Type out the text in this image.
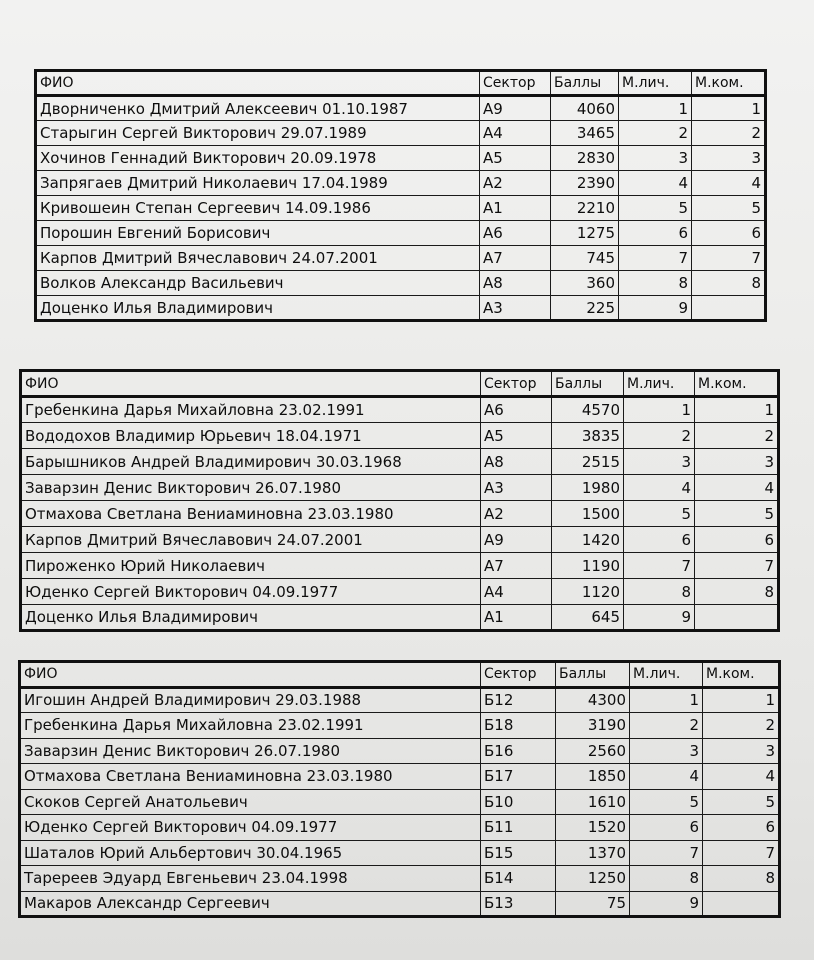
ФИО	Сектор	Баллы	М.лич.	М.ком.
Дворниченко Дмитрий Алексеевич 01.10.1987	А9	4060	1	1
Старыгин Сергей Викторович 29.07.1989	А4	3465	2	2
Хочинов Геннадий Викторович 20.09.1978	А5	2830	3	3
Запрягаев Дмитрий Николаевич 17.04.1989	А2	2390	4	4
Кривошеин Степан Сергеевич 14.09.1986	А1	2210	5	5
Порошин Евгений Борисович	А6	1275	6	6
Карпов Дмитрий Вячеславович 24.07.2001	А7	745	7	7
Волков Александр Васильевич	А8	360	8	8
Доценко Илья Владимирович	А3	225	9	
ФИО	Сектор	Баллы	М.лич.	М.ком.
Гребенкина Дарья Михайловна 23.02.1991	А6	4570	1	1
Вододохов Владимир Юрьевич 18.04.1971	А5	3835	2	2
Барышников Андрей Владимирович 30.03.1968	А8	2515	3	3
Заварзин Денис Викторович 26.07.1980	А3	1980	4	4
Отмахова Светлана Вениаминовна 23.03.1980	А2	1500	5	5
Карпов Дмитрий Вячеславович 24.07.2001	А9	1420	6	6
Пироженко Юрий Николаевич	А7	1190	7	7
Юденко Сергей Викторович 04.09.1977	А4	1120	8	8
Доценко Илья Владимирович	А1	645	9	
ФИО	Сектор	Баллы	М.лич.	М.ком.
Игошин Андрей Владимирович 29.03.1988	Б12	4300	1	1
Гребенкина Дарья Михайловна 23.02.1991	Б18	3190	2	2
Заварзин Денис Викторович 26.07.1980	Б16	2560	3	3
Отмахова Светлана Вениаминовна 23.03.1980	Б17	1850	4	4
Скоков Сергей Анатольевич	Б10	1610	5	5
Юденко Сергей Викторович 04.09.1977	Б11	1520	6	6
Шаталов Юрий Альбертович 30.04.1965	Б15	1370	7	7
Таререев Эдуард Евгеньевич 23.04.1998	Б14	1250	8	8
Макаров Александр Сергеевич	Б13	75	9	
